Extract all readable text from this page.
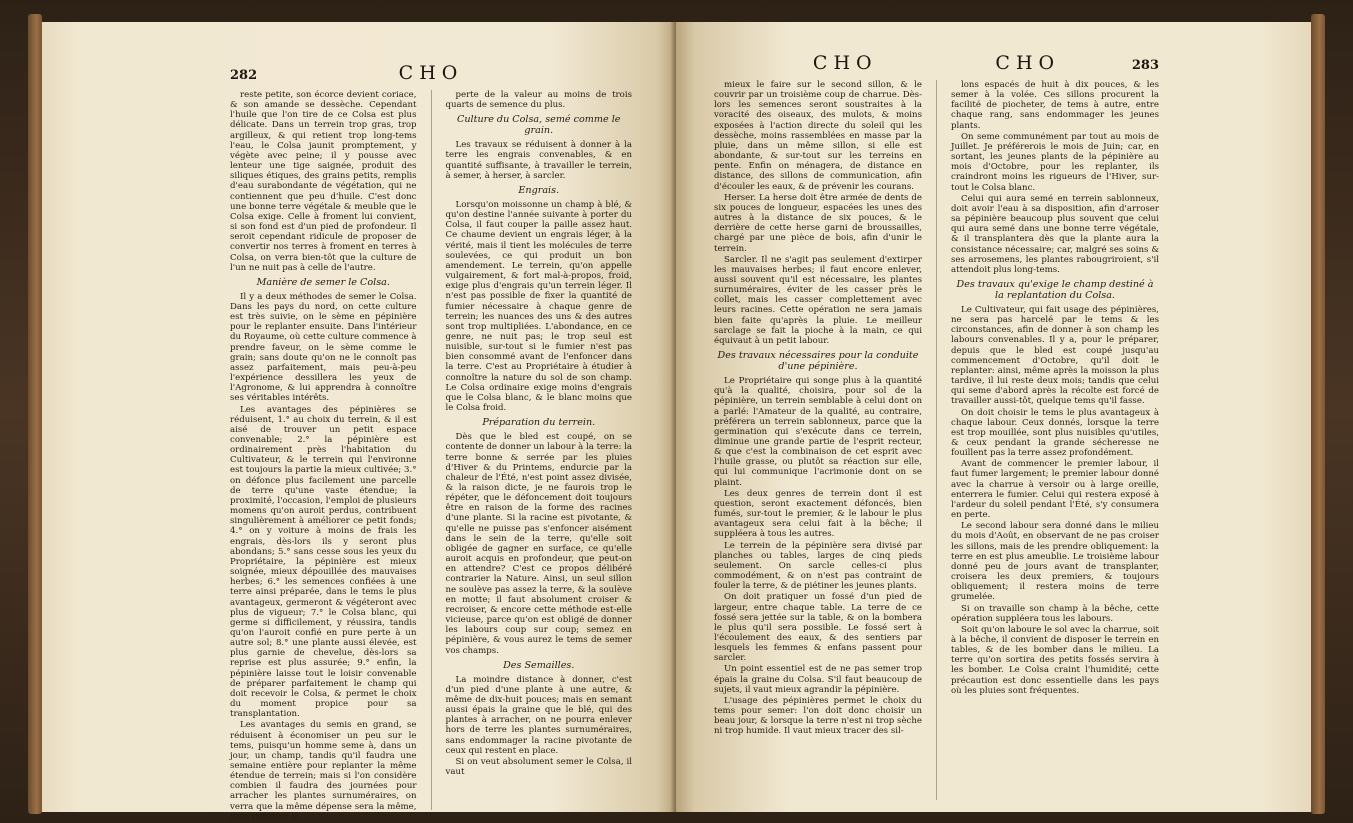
282	CHO

reste petite, son écorce devient coriace, & son amande se dessèche. Cependant l'huile que l'on tire de ce Colsa est plus délicate. Dans un terrein trop gras, trop argilleux, & qui retient trop long-tems l'eau, le Colsa jaunit promptement, y végète avec peine; il y pousse avec lenteur une tige saignée, produit des siliques étiques, des grains petits, remplis d'eau surabondante de végétation, qui ne contiennent que peu d'huile. C'est donc une bonne terre végétale & meuble que le Colsa exige. Celle à froment lui convient, si son fond est d'un pied de profondeur. Il seroit cependant ridicule de proposer de convertir nos terres à froment en terres à Colsa, on verra bien-tôt que la culture de l'un ne nuit pas à celle de l'autre.

Manière de semer le Colsa.

Il y a deux méthodes de semer le Colsa. Dans les pays du nord, on cette culture est très suivie, on le sème en pépinière pour le replanter ensuite. Dans l'intérieur du Royaume, où cette culture commence à prendre faveur, on le sème comme le grain; sans doute qu'on ne le connoît pas assez parfaitement, mais peu-à-peu l'expérience dessillera les yeux de l'Agronome, & lui apprendra à connoître ses véritables intérêts.

Les avantages des pépinières se réduisent, 1.° au choix du terrein, & il est aisé de trouver un petit espace convenable; 2.° la pépinière est ordinairement près l'habitation du Cultivateur, & le terrein qui l'environne est toujours la partie la mieux cultivée; 3.° on défonce plus facilement une parcelle de terre qu'une vaste étendue; la proximité, l'occasion, l'emploi de plusieurs momens qu'on auroit perdus, contribuent singulièrement à améliorer ce petit fonds; 4.° on y voiture à moins de frais les engrais, dès-lors ils y seront plus abondans; 5.° sans cesse sous les yeux du Propriétaire, la pépinière est mieux soignée, mieux dépouillée des mauvaises herbes; 6.° les semences confiées à une terre ainsi préparée, dans le tems le plus avantageux, germeront & végéteront avec plus de vigueur; 7.° le Colsa blanc, qui germe si difficilement, y réussira, tandis qu'on l'auroit confié en pure perte à un autre sol; 8.° une plante aussi élevée, est plus garnie de chevelue, dès-lors sa reprise est plus assurée; 9.° enfin, la pépinière laisse tout le loisir convenable de préparer parfaitement le champ qui doit recevoir le Colsa, & permet le choix du moment propice pour sa transplantation.

Les avantages du semis en grand, se réduisent à économiser un peu sur le tems, puisqu'un homme seme à, dans un jour, un champ, tandis qu'il faudra une semaine entière pour replanter la même étendue de terrein; mais si l'on considère combien il faudra des journées pour arracher les plantes surnuméraires, on verra que la même dépense sera la même, sans compter la

perte de la valeur au moins de trois quarts de semence du plus.

Culture du Colsa, semé comme le grain.

Les travaux se réduisent à donner à la terre les engrais convenables, & en quantité suffisante, à travailler le terrein, à semer, à herser, à sarcler.

Engrais.

Lorsqu'on moissonne un champ à blé, & qu'on destine l'année suivante à porter du Colsa, il faut couper la paille assez haut. Ce chaume devient un engrais léger, à la vérité, mais il tient les molécules de terre soulevées, ce qui produit un bon amendement. Le terrein, qu'on appelle vulgairement, & fort mal-à-propos, froid, exige plus d'engrais qu'un terrein léger. Il n'est pas possible de fixer la quantité de fumier nécessaire à chaque genre de terrein; les nuances des uns & des autres sont trop multipliées. L'abondance, en ce genre, ne nuit pas; le trop seul est nuisible, sur-tout si le fumier n'est pas bien consommé avant de l'enfoncer dans la terre. C'est au Propriétaire à étudier à connoître la nature du sol de son champ. Le Colsa ordinaire exige moins d'engrais que le Colsa blanc, & le blanc moins que le Colsa froid.

Préparation du terrein.

Dès que le bled est coupé, on se contente de donner un labour à la terre: la terre bonne & serrée par les pluies d'Hiver & du Printems, endurcie par la chaleur de l'Été, n'est point assez divisée, & la raison dicte, je ne faurois trop le répéter, que le défoncement doit toujours être en raison de la forme des racines d'une plante. Si la racine est pivotante, & qu'elle ne puisse pas s'enfoncer aisément dans le sein de la terre, qu'elle soit obligée de gagner en surface, ce qu'elle auroit acquis en profondeur, que peut-on en attendre? C'est ce propos délibéré contrarier la Nature. Ainsi, un seul sillon ne soulève pas assez la terre, & la soulève en motte; il faut absolument croiser & recroiser, & encore cette méthode est-elle vicieuse, parce qu'on est obligé de donner les labours coup sur coup; semez en pépinière, & vous aurez le tems de semer vos champs.

Des Semailles.

La moindre distance à donner, c'est d'un pied d'une plante à une autre, & même de dix-huit pouces; mais en semant aussi épais la graine que le blé, qui des plantes à arracher, on ne pourra enlever hors de terre les plantes surnuméraires, sans endommager la racine pivotante de ceux qui restent en place.

Si on veut absolument semer le Colsa, il vaut

CHO	CHO	283

mieux le faire sur le second sillon, & le couvrir par un troisième coup de charrue. Dès-lors les semences seront soustraites à la voracité des oiseaux, des mulots, & moins exposées à l'action directe du soleil qui les dessèche, moins rassemblées en masse par la pluie, dans un même sillon, si elle est abondante, & sur-tout sur les terreins en pente. Enfin on ménagera, de distance en distance, des sillons de communication, afin d'écouler les eaux, & de prévenir les courans.

Herser. La herse doit être armée de dents de six pouces de longueur, espacées les unes des autres à la distance de six pouces, & le derrière de cette herse garni de broussailles, chargé par une pièce de bois, afin d'unir le terrein.

Sarcler. Il ne s'agit pas seulement d'extirper les mauvaises herbes; il faut encore enlever, aussi souvent qu'il est nécessaire, les plantes surnuméraires, éviter de les casser près le collet, mais les casser complettement avec leurs racines. Cette opération ne sera jamais bien faite qu'après la pluie. Le meilleur sarclage se fait la pioche à la main, ce qui équivaut à un petit labour.

Des travaux nécessaires pour la conduite d'une pépinière.

Le Propriétaire qui songe plus à la quantité qu'à la qualité, choisira, pour sol de la pépinière, un terrein semblable à celui dont on a parlé: l'Amateur de la qualité, au contraire, préférera un terrein sablonneux, parce que la germination qui s'exécute dans ce terrein, diminue une grande partie de l'esprit recteur, & que c'est la combinaison de cet esprit avec l'huile grasse, ou plutôt sa réaction sur elle, qui lui communique l'acrimonie dont on se plaint.

Les deux genres de terrein dont il est question, seront exactement défoncés, bien fumés, sur-tout le premier, & le labour le plus avantageux sera celui fait à la bêche; il suppléera à tous les autres.

Le terrein de la pépinière sera divisé par planches ou tables, larges de cinq pieds seulement. On sarcle celles-ci plus commodément, & on n'est pas contraint de fouler la terre, & de piétiner les jeunes plants.

On doit pratiquer un fossé d'un pied de largeur, entre chaque table. La terre de ce fossé sera jettée sur la table, & on la bombera le plus qu'il sera possible. Le fossé sert à l'écoulement des eaux, & des sentiers par lesquels les femmes & enfans passent pour sarcler.

Un point essentiel est de ne pas semer trop épais la graine du Colsa. S'il faut beaucoup de sujets, il vaut mieux agrandir la pépinière.

L'usage des pépinières permet le choix du tems pour semer: l'on doit donc choisir un beau jour, & lorsque la terre n'est ni trop sèche ni trop humide. Il vaut mieux tracer des sil-

lons espacés de huit à dix pouces, & les semer à la volée. Ces sillons procurent la facilité de piocheter, de tems à autre, entre chaque rang, sans endommager les jeunes plants.

On seme communément par tout au mois de Juillet. Je préférerois le mois de Juin; car, en sortant, les jeunes plants de la pépinière au mois d'Octobre, pour les replanter, ils craindront moins les rigueurs de l'Hiver, sur-tout le Colsa blanc.

Celui qui aura semé en terrein sablonneux, doit avoir l'eau à sa disposition, afin d'arroser sa pépinière beaucoup plus souvent que celui qui aura semé dans une bonne terre végétale, & il transplantera dès que la plante aura la consistance nécessaire; car, malgré ses soins & ses arrosemens, les plantes rabougriroient, s'il attendoit plus long-tems.

Des travaux qu'exige le champ destiné à la replantation du Colsa.

Le Cultivateur, qui fait usage des pépinières, ne sera pas harcelé par le tems & les circonstances, afin de donner à son champ les labours convenables. Il y a, pour le préparer, depuis que le bled est coupé jusqu'au commencement d'Octobre, qu'il doit le replanter: ainsi, même après la moisson la plus tardive, il lui reste deux mois; tandis que celui qui seme d'abord après la récolte est forcé de travailler aussi-tôt, quelque tems qu'il fasse.

On doit choisir le tems le plus avantageux à chaque labour. Ceux donnés, lorsque la terre est trop mouillée, sont plus nuisibles qu'utiles, & ceux pendant la grande sécheresse ne fouillent pas la terre assez profondément.

Avant de commencer le premier labour, il faut fumer largement; le premier labour donné avec la charrue à versoir ou à large oreille, enterrera le fumier. Celui qui restera exposé à l'ardeur du soleil pendant l'Été, s'y consumera en perte.

Le second labour sera donné dans le milieu du mois d'Août, en observant de ne pas croiser les sillons, mais de les prendre obliquement: la terre en est plus ameublie. Le troisième labour donné peu de jours avant de transplanter, croisera les deux premiers, & toujours obliquement; il restera moins de terre grumelée.

Si on travaille son champ à la bêche, cette opération suppléera tous les labours.

Soit qu'on laboure le sol avec la charrue, soit à la bêche, il convient de disposer le terrein en tables, & de les bomber dans le milieu. La terre qu'on sortira des petits fossés servira à les bomber. Le Colsa craint l'humidité; cette précaution est donc essentielle dans les pays où les pluies sont fréquentes.
